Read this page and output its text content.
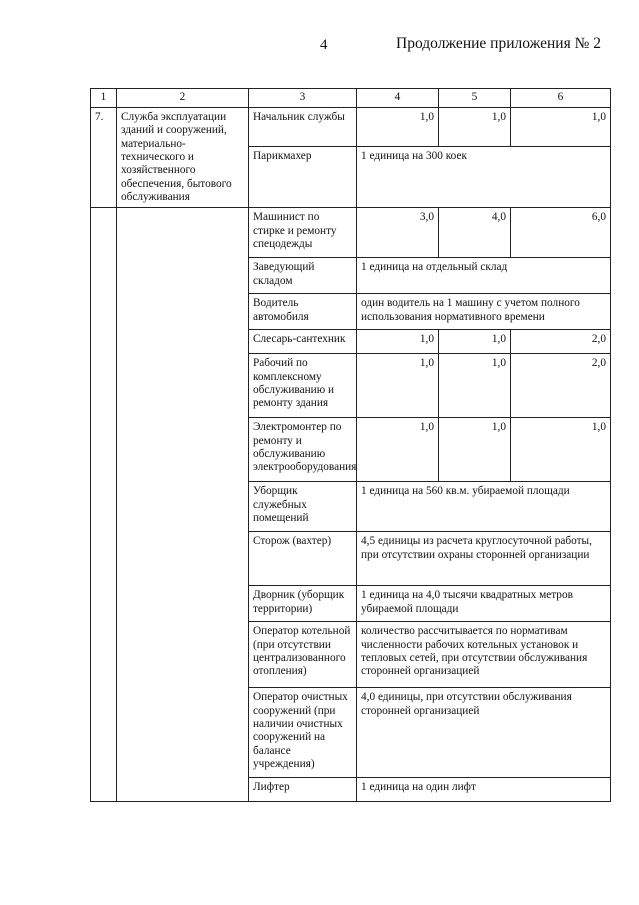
4	Продолжение приложения № 2
1	2	3	4	5	6
7.	Служба эксплуатации зданий и сооружений, материально-технического и хозяйственного обеспечения, бытового обслуживания	Начальник службы	1,0	1,0	1,0
		Парикмахер	1 единица на 300 коек		
		Машинист по стирке и ремонту спецодежды	3,0	4,0	6,0
		Заведующий складом	1 единица на отдельный склад		
		Водитель автомобиля	один водитель на 1 машину с учетом полного использования нормативного времени		
		Слесарь-сантехник	1,0	1,0	2,0
		Рабочий по комплексному обслуживанию и ремонту здания	1,0	1,0	2,0
		Электромонтер по ремонту и обслуживанию электрооборудования	1,0	1,0	1,0
		Уборщик служебных помещений	1 единица на 560 кв.м. убираемой площади		
		Сторож (вахтер)	4,5 единицы из расчета круглосуточной работы, при отсутствии охраны сторонней организации		
		Дворник (уборщик территории)	1 единица на 4,0 тысячи квадратных метров убираемой площади		
		Оператор котельной (при отсутствии централизованного отопления)	количество рассчитывается по нормативам численности рабочих котельных установок и тепловых сетей, при отсутствии обслуживания сторонней организацией		
		Оператор очистных сооружений (при наличии очистных сооружений на балансе учреждения)	4,0 единицы, при отсутствии обслуживания сторонней организацией		
		Лифтер	1 единица на один лифт		
